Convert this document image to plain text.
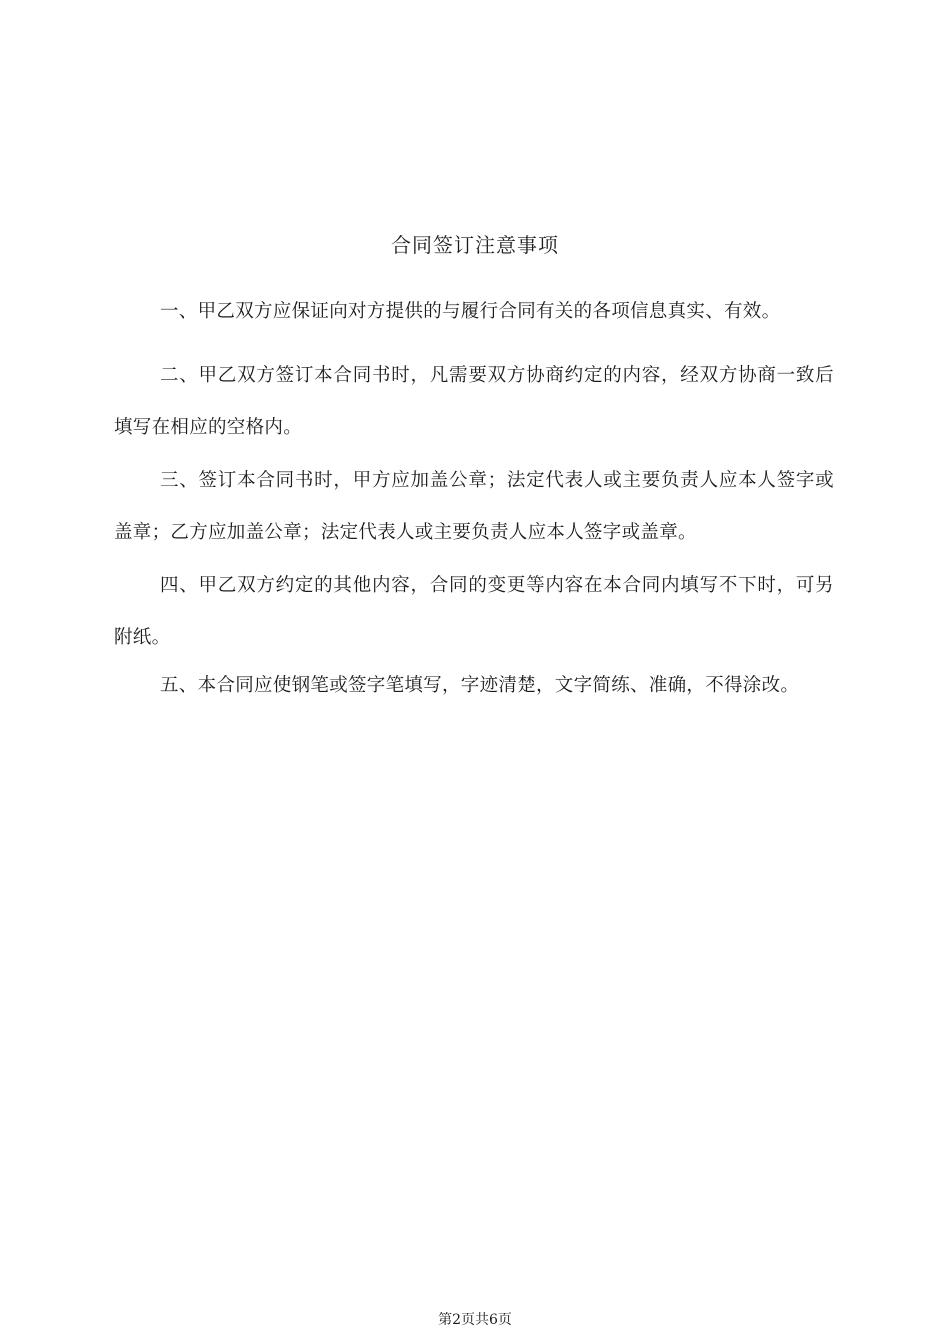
合同签订注意事项
一、甲乙双方应保证向对方提供的与履行合同有关的各项信息真实、有效。
二、甲乙双方签订本合同书时，凡需要双方协商约定的内容，经双方协商一致后填写在相应的空格内。
三、签订本合同书时，甲方应加盖公章；法定代表人或主要负责人应本人签字或盖章；乙方应加盖公章；法定代表人或主要负责人应本人签字或盖章。
四、甲乙双方约定的其他内容，合同的变更等内容在本合同内填写不下时，可另附纸。
五、本合同应使钢笔或签字笔填写，字迹清楚，文字简练、准确，不得涂改。
第2页共6页
